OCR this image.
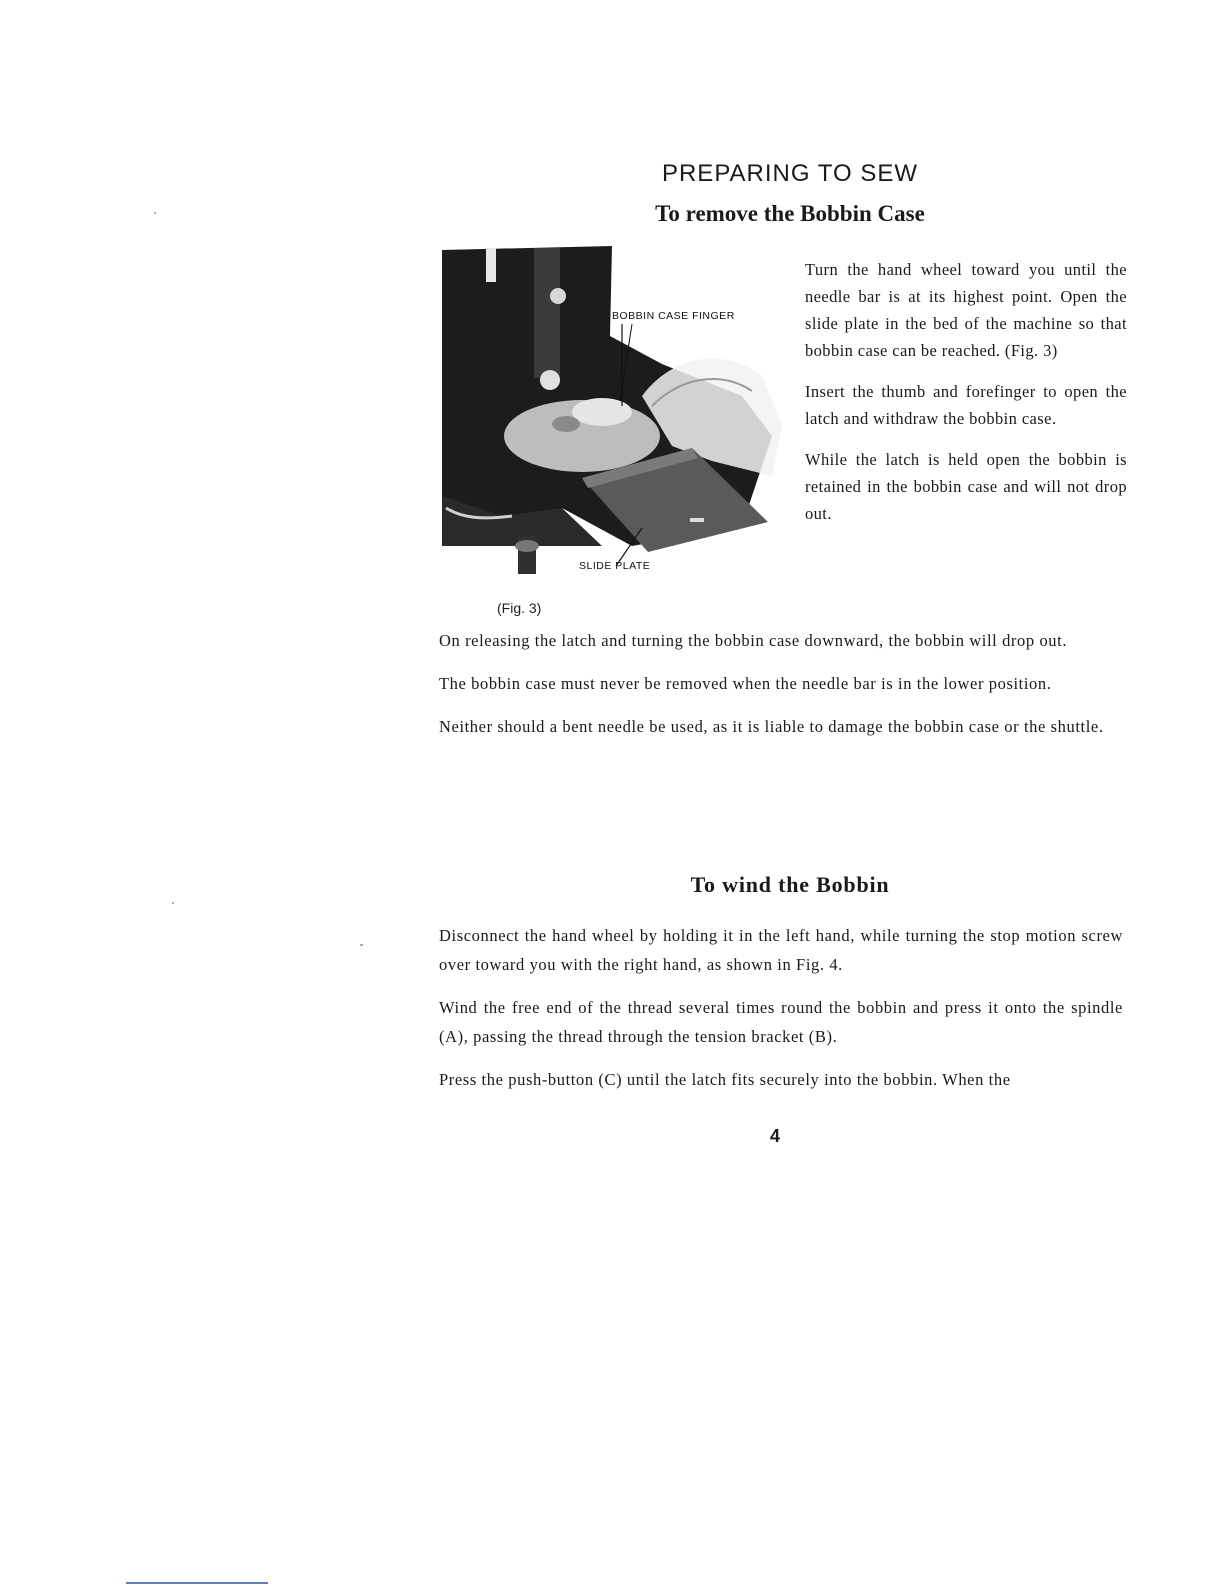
PREPARING TO SEW
To remove the Bobbin Case
BOBBIN CASE FINGER
SLIDE PLATE
(Fig. 3)

Turn the hand wheel toward you until the needle bar is at its highest point. Open the slide plate in the bed of the machine so that bobbin case can be reached. (Fig. 3)

Insert the thumb and forefinger to open the latch and withdraw the bobbin case.

While the latch is held open the bobbin is retained in the bobbin case and will not drop out.

On releasing the latch and turning the bobbin case downward, the bobbin will drop out.

The bobbin case must never be removed when the needle bar is in the lower position.

Neither should a bent needle be used, as it is liable to damage the bobbin case or the shuttle.

To wind the Bobbin

Disconnect the hand wheel by holding it in the left hand, while turning the stop motion screw over toward you with the right hand, as shown in Fig. 4.

Wind the free end of the thread several times round the bobbin and press it onto the spindle (A), passing the thread through the tension bracket (B).

Press the push-button (C) until the latch fits securely into the bobbin. When the

4
